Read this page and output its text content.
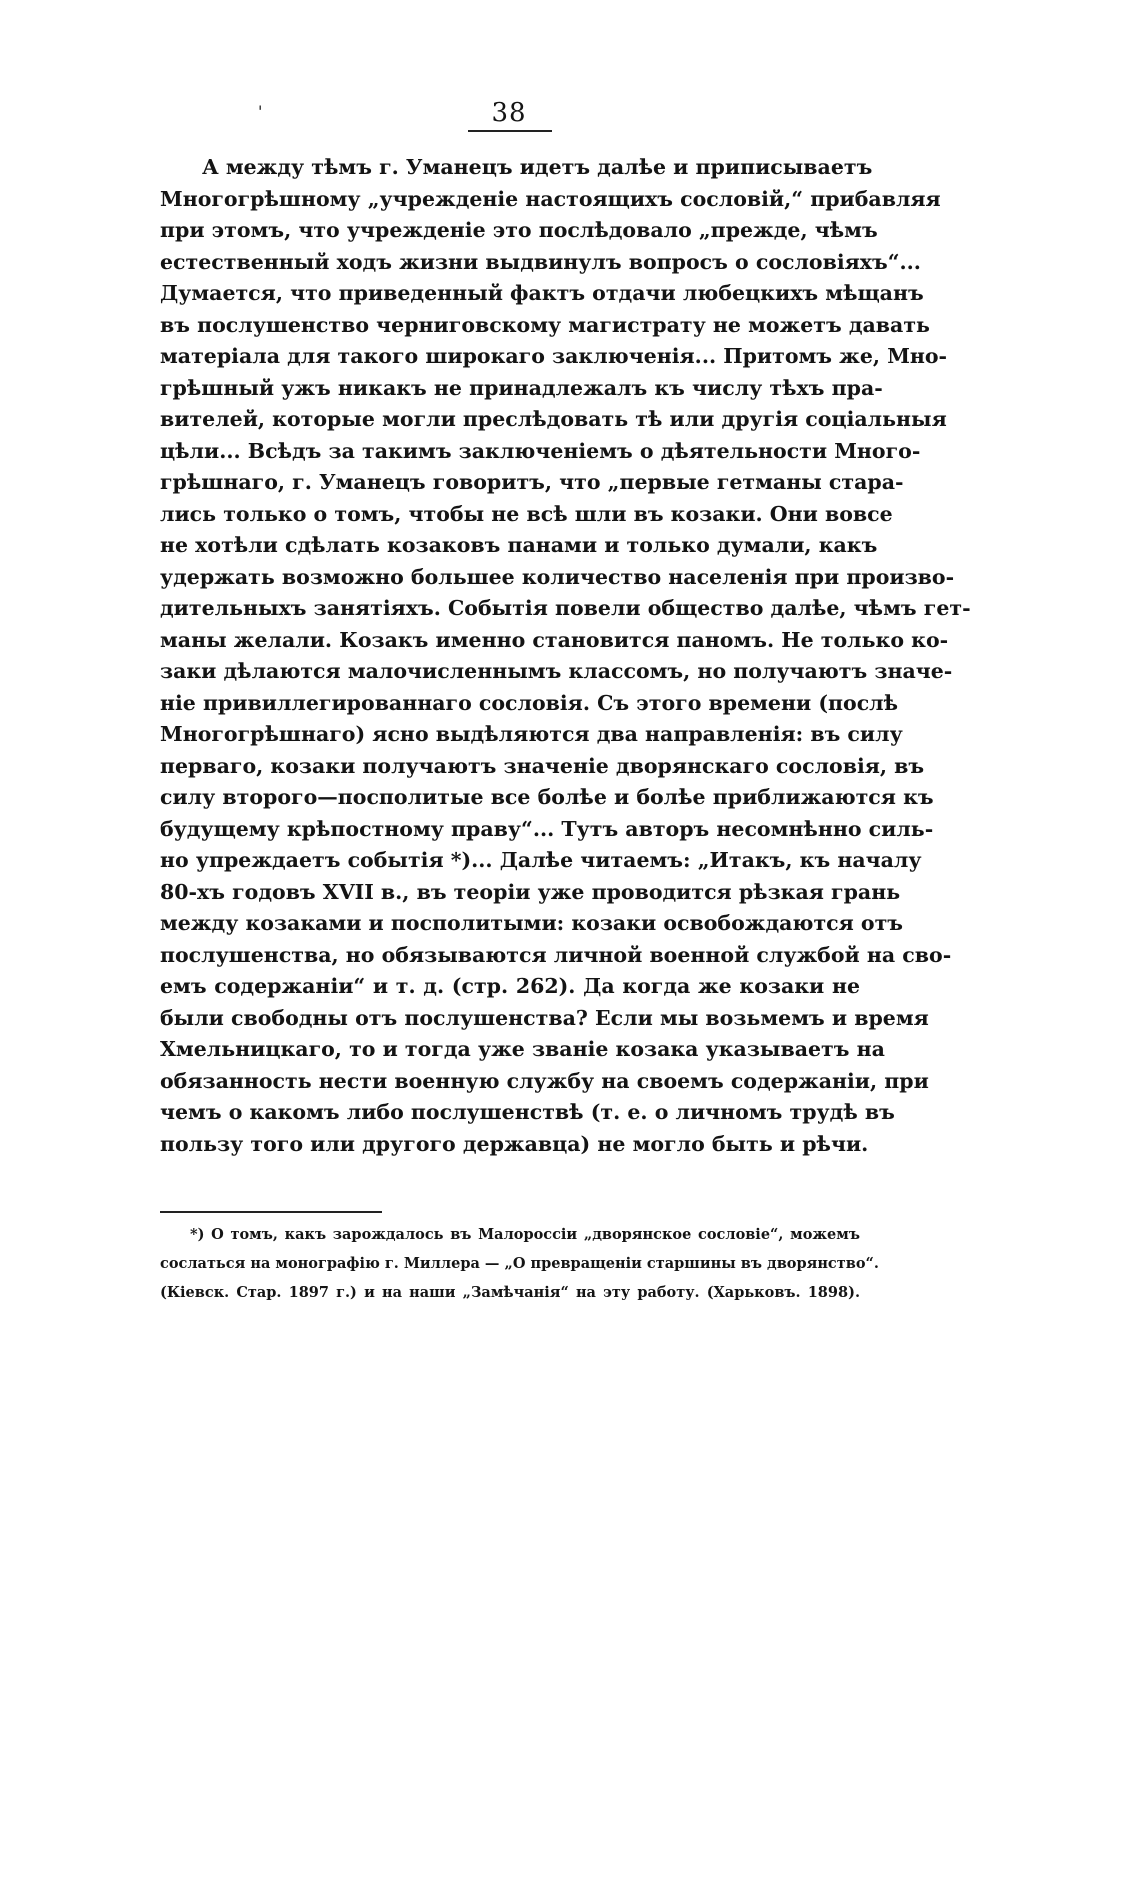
'	38
А между тѣмъ г. Уманецъ идетъ далѣе и приписываетъ
Многогрѣшному „учрежденіе настоящихъ сословій,“ прибавляя
при этомъ, что учрежденіе это послѣдовало „прежде, чѣмъ
естественный ходъ жизни выдвинулъ вопросъ о сословіяхъ“...
Думается, что приведенный фактъ отдачи любецкихъ мѣщанъ
въ послушенство черниговскому магистрату не можетъ давать
матеріала для такого широкаго заключенія... Притомъ же, Мно-
грѣшный ужъ никакъ не принадлежалъ къ числу тѣхъ пра-
вителей, которые могли преслѣдовать тѣ или другія соціальныя
цѣли... Всѣдъ за такимъ заключеніемъ о дѣятельности Много-
грѣшнаго, г. Уманецъ говоритъ, что „первые гетманы стара-
лись только о томъ, чтобы не всѣ шли въ козаки. Они вовсе
не хотѣли сдѣлать козаковъ панами и только думали, какъ
удержать возможно большее количество населенія при произво-
дительныхъ занятіяхъ. Событія повели общество далѣе, чѣмъ гет-
маны желали. Козакъ именно становится паномъ. Не только ко-
заки дѣлаются малочисленнымъ классомъ, но получаютъ значе-
ніе привиллегированнаго сословія. Съ этого времени (послѣ
Многогрѣшнаго) ясно выдѣляются два направленія: въ силу
перваго, козаки получаютъ значеніе дворянскаго сословія, въ
силу второго—посполитые все болѣе и болѣе приближаются къ
будущему крѣпостному праву“... Тутъ авторъ несомнѣнно силь-
но упреждаетъ событія *)... Далѣе читаемъ: „Итакъ, къ началу
80-хъ годовъ XVII в., въ теоріи уже проводится рѣзкая грань
между козаками и посполитыми: козаки освобождаются отъ
послушенства, но обязываются личной военной службой на сво-
емъ содержаніи“ и т. д. (стр. 262). Да когда же козаки не
были свободны отъ послушенства? Если мы возьмемъ и время
Хмельницкаго, то и тогда уже званіе козака указываетъ на
обязанность нести военную службу на своемъ содержаніи, при
чемъ о какомъ либо послушенствѣ (т. е. о личномъ трудѣ въ
пользу того или другого державца) не могло быть и рѣчи.
*) О томъ, какъ зарождалось въ Малороссіи „дворянское сословіе“, можемъ
сослаться на монографію г. Миллера — „О превращеніи старшины въ дворянство“.
(Кіевск. Стар. 1897 г.) и на наши „Замѣчанія“ на эту работу. (Харьковъ. 1898).
